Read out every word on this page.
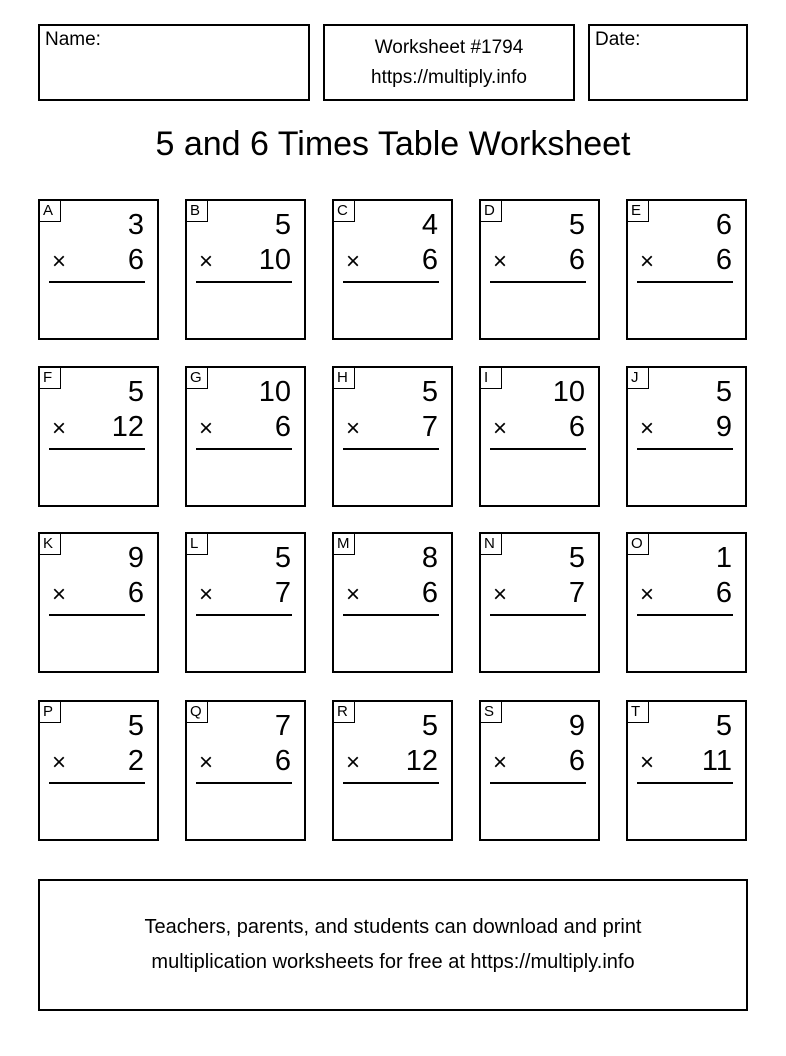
Name:	Worksheet #1794
https://multiply.info
Date:
5 and 6 Times Table Worksheet
A	3
× 6
B	5
× 10
C	4
× 6
D	5
× 6
E	6
× 6
F	5
× 12
G 10
× 6
H	5
× 7
I	10
× 6
J	5
× 9
K	9
× 6
L	5
× 7
M 8
× 6
N	5
× 7
O	1
× 6
P	5
× 2
Q	7
× 6
R	5
× 12
S	9
× 6
T	5
× 11
Teachers, parents, and students can download and print
multiplication worksheets for free at https://multiply.info
